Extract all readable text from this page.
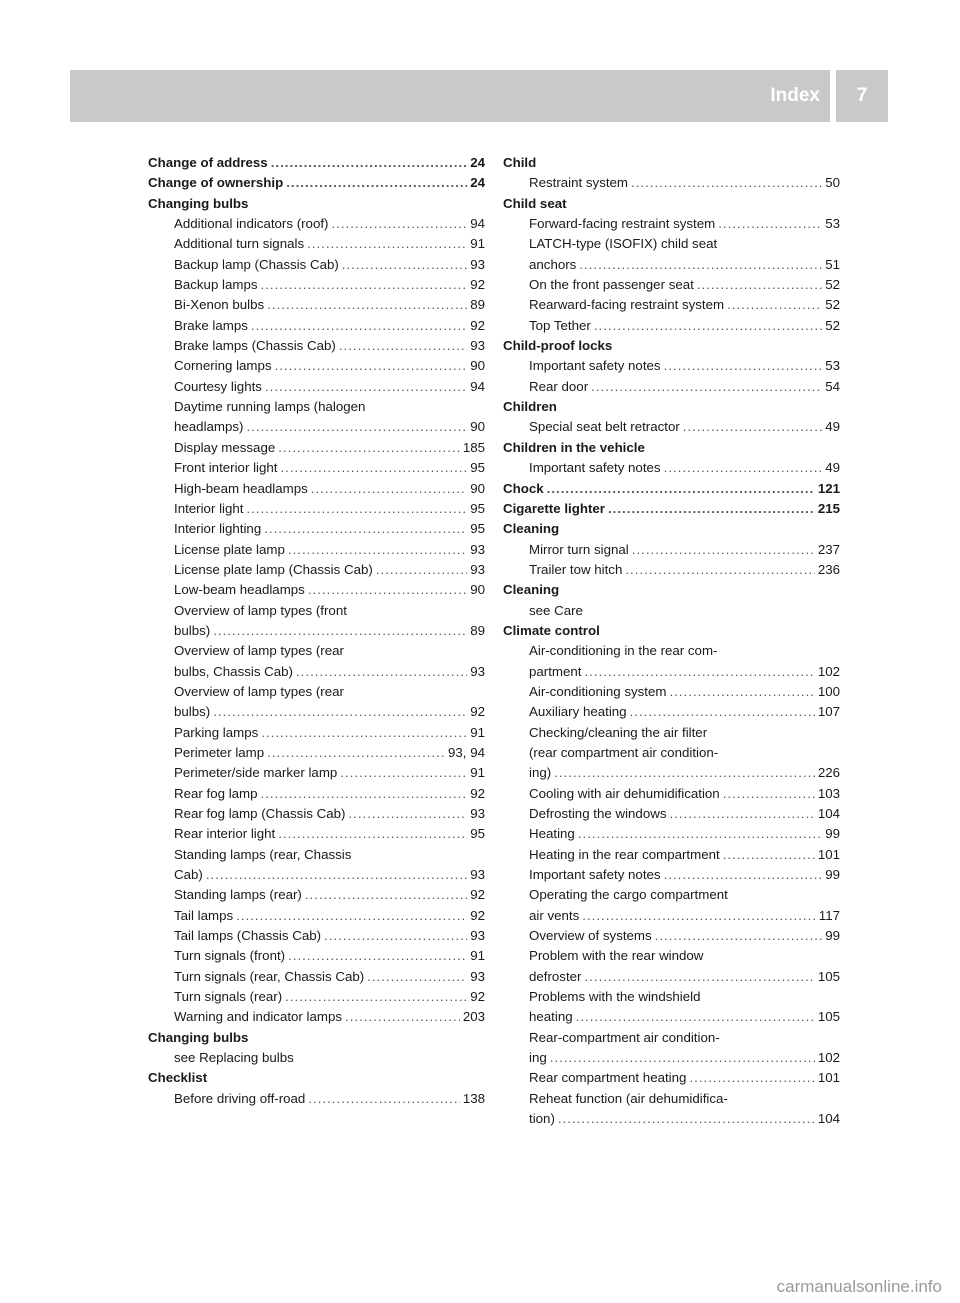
Index 7
Change of address .....	24
Change of ownership .....	24
Changing bulbs
Additional indicators (roof) .....	94
Additional turn signals .....	91
Backup lamp (Chassis Cab) .....	93
Backup lamps .....	92
Bi-Xenon bulbs .....	89
Brake lamps .....	92
Brake lamps (Chassis Cab) .....	93
Cornering lamps .....	90
Courtesy lights .....	94
Daytime running lamps (halogen
headlamps) .....	90
Display message .....	185
Front interior light .....	95
High-beam headlamps .....	90
Interior light .....	95
Interior lighting .....	95
License plate lamp .....	93
License plate lamp (Chassis Cab) .....	93
Low-beam headlamps .....	90
Overview of lamp types (front
bulbs) .....	89
Overview of lamp types (rear
bulbs, Chassis Cab) .....	93
Overview of lamp types (rear
bulbs) .....	92
Parking lamps .....	91
Perimeter lamp .....	93, 94
Perimeter/side marker lamp .....	91
Rear fog lamp .....	92
Rear fog lamp (Chassis Cab) .....	93
Rear interior light .....	95
Standing lamps (rear, Chassis
Cab) .....	93
Standing lamps (rear) .....	92
Tail lamps .....	92
Tail lamps (Chassis Cab) .....	93
Turn signals (front) .....	91
Turn signals (rear, Chassis Cab) .....	93
Turn signals (rear) .....	92
Warning and indicator lamps .....	203
Changing bulbs
see Replacing bulbs
Checklist
Before driving off-road .....	138
Child
Restraint system .....	50
Child seat
Forward-facing restraint system .....	53
LATCH-type (ISOFIX) child seat
anchors .....	51
On the front passenger seat .....	52
Rearward-facing restraint system .....	52
Top Tether .....	52
Child-proof locks
Important safety notes .....	53
Rear door .....	54
Children
Special seat belt retractor .....	49
Children in the vehicle
Important safety notes .....	49
Chock .....	121
Cigarette lighter .....	215
Cleaning
Mirror turn signal .....	237
Trailer tow hitch .....	236
Cleaning
see Care
Climate control
Air-conditioning in the rear com-
partment .....	102
Air-conditioning system .....	100
Auxiliary heating .....	107
Checking/cleaning the air filter
(rear compartment air condition-
ing) .....	226
Cooling with air dehumidification .....	103
Defrosting the windows .....	104
Heating .....	99
Heating in the rear compartment .....	101
Important safety notes .....	99
Operating the cargo compartment
air vents .....	117
Overview of systems .....	99
Problem with the rear window
defroster .....	105
Problems with the windshield
heating .....	105
Rear-compartment air condition-
ing .....	102
Rear compartment heating .....	101
Reheat function (air dehumidifica-
tion) .....	104
carmanualsonline.info
